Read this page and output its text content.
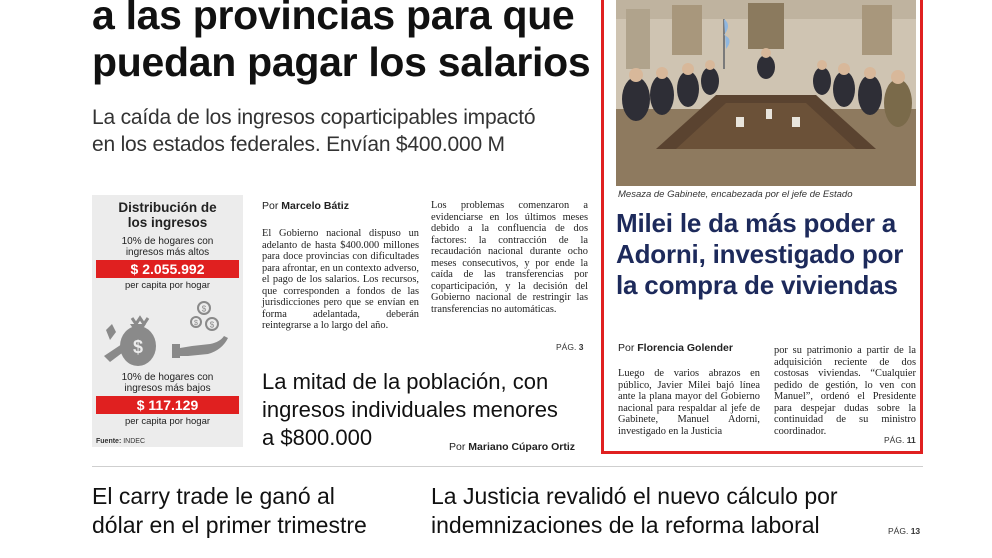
a las provincias para que
puedan pagar los salarios
La caída de los ingresos coparticipables impactó
en los estados federales. Envían $400.000 M
Distribución de
los ingresos
10% de hogares con
ingresos más altos
$ 2.055.992
per capita por hogar
$
$
$ $
10% de hogares con
ingresos más bajos
$ 117.129
per capita por hogar
Fuente: INDEC
Por Marcelo Bátiz
El Gobierno nacional dispuso un adelanto de hasta $400.000 millones para doce provincias con dificultades para afrontar, en un contexto adverso, el pago de los salarios. Los recursos, que corresponden a fondos de las jurisdicciones pero que se envían en forma adelantada, deberán reintegrarse a lo largo del año.
Los problemas comenzaron a evidenciarse en los últimos meses debido a la confluencia de dos factores: la contracción de la recaudación nacional durante ocho meses consecutivos, y por ende la caída de las transferencias por coparticipación, y la decisión del Gobierno nacional de restringir las transferencias no automáticas.
PÁG. 3
La mitad de la población, con
ingresos individuales menores
a $800.000	Por Mariano Cúparo Ortiz
Mesaza de Gabinete, encabezada por el jefe de Estado
Milei le da más poder a
Adorni, investigado por
la compra de viviendas
Por Florencia Golender
Luego de varios abrazos en público, Javier Milei bajó línea ante la plana mayor del Gobierno nacional para respaldar al jefe de Gabinete, Manuel Adorni, investigado en la Justicia
por su patrimonio a partir de la adquisición reciente de dos costosas viviendas. “Cualquier pedido de gestión, lo ven con Manuel”, ordenó el Presidente para despejar dudas sobre la continuidad de su ministro coordinador.
PÁG. 11
El carry trade le ganó al
dólar en el primer trimestre
La Justicia revalidó el nuevo cálculo por
indemnizaciones de la reforma laboral	PÁG. 13
